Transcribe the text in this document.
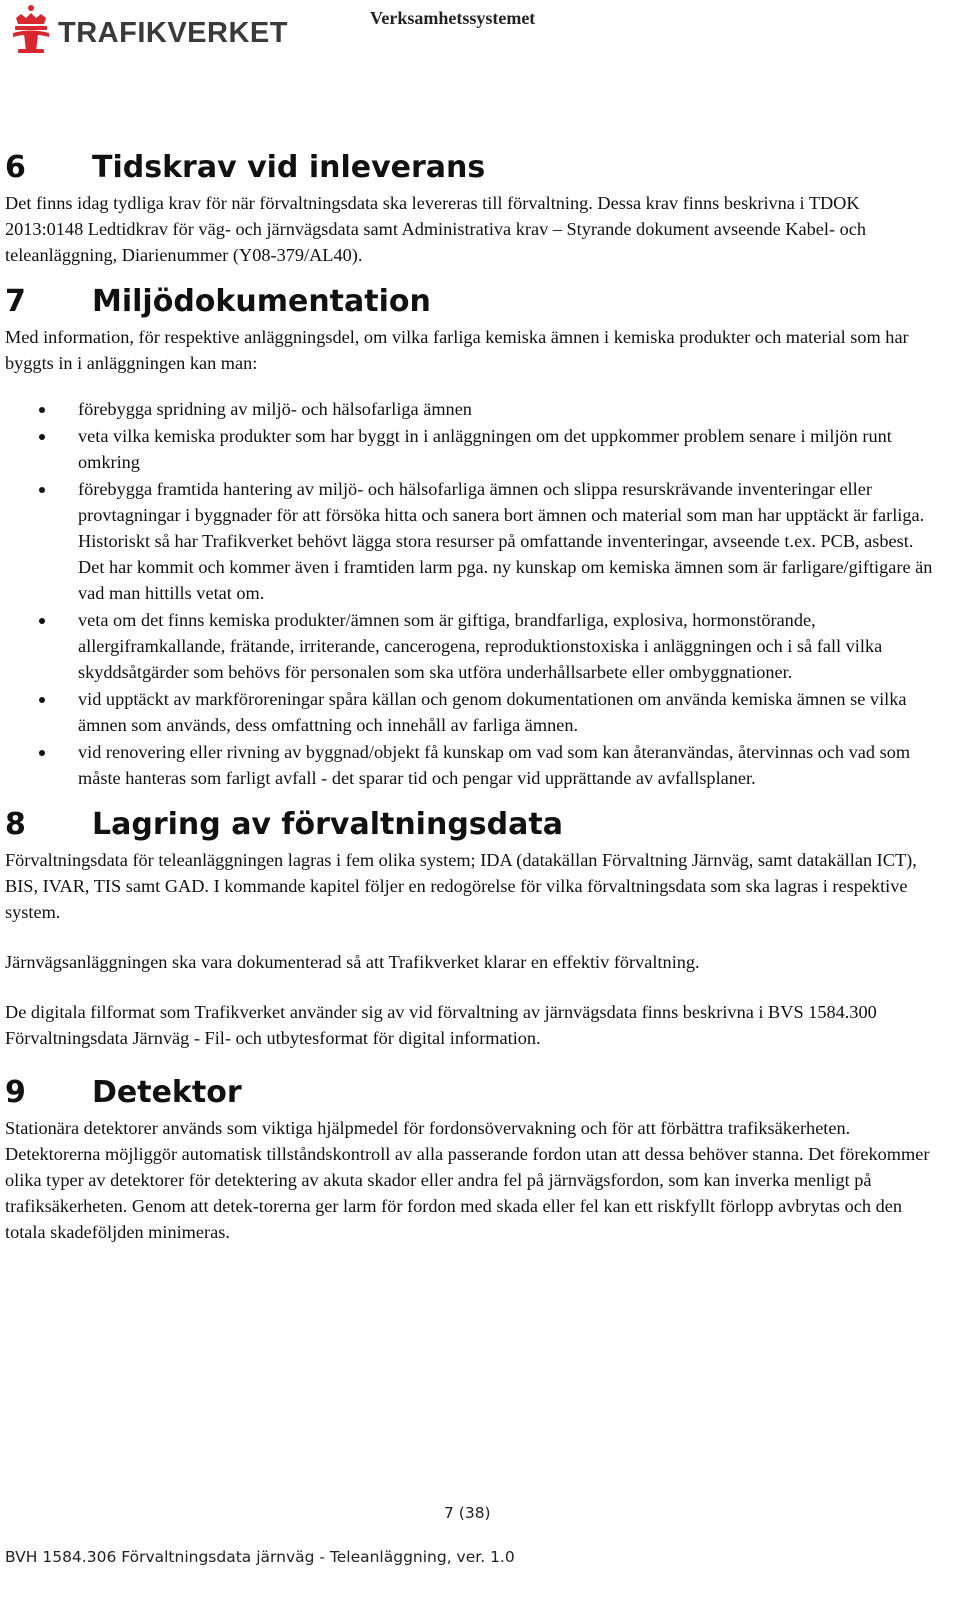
TRAFIKVERKET	Verksamhetssystemet
6	Tidskrav vid inleverans

Det finns idag tydliga krav för när förvaltningsdata ska levereras till förvaltning. Dessa krav finns beskrivna i TDOK 2013:0148 Ledtidkrav för väg- och järnvägsdata samt Administrativa krav – Styrande dokument avseende Kabel- och teleanläggning, Diarienummer (Y08-379/AL40).

7	Miljödokumentation

Med information, för respektive anläggningsdel, om vilka farliga kemiska ämnen i kemiska produkter och material som har byggts in i anläggningen kan man:

förebygga spridning av miljö- och hälsofarliga ämnen
veta vilka kemiska produkter som har byggt in i anläggningen om det uppkommer problem senare i miljön runt omkring
förebygga framtida hantering av miljö- och hälsofarliga ämnen och slippa resurskrävande inventeringar eller provtagningar i byggnader för att försöka hitta och sanera bort ämnen och material som man har upptäckt är farliga. Historiskt så har Trafikverket behövt lägga stora resurser på omfattande inventeringar, avseende t.ex. PCB, asbest. Det har kommit och kommer även i framtiden larm pga. ny kunskap om kemiska ämnen som är farligare/giftigare än vad man hittills vetat om.
veta om det finns kemiska produkter/ämnen som är giftiga, brandfarliga, explosiva, hormonstörande, allergiframkallande, frätande, irriterande, cancerogena, reproduktionstoxiska i anläggningen och i så fall vilka skyddsåtgärder som behövs för personalen som ska utföra underhållsarbete eller ombyggnationer.
vid upptäckt av markföroreningar spåra källan och genom dokumentationen om använda kemiska ämnen se vilka ämnen som används, dess omfattning och innehåll av farliga ämnen.
vid renovering eller rivning av byggnad/objekt få kunskap om vad som kan återanvändas, återvinnas och vad som måste hanteras som farligt avfall - det sparar tid och pengar vid upprättande av avfallsplaner.
8	Lagring av förvaltningsdata

Förvaltningsdata för teleanläggningen lagras i fem olika system; IDA (datakällan Förvaltning Järnväg, samt datakällan ICT), BIS, IVAR, TIS samt GAD. I kommande kapitel följer en redogörelse för vilka förvaltningsdata som ska lagras i respektive system.

Järnvägsanläggningen ska vara dokumenterad så att Trafikverket klarar en effektiv förvaltning.

De digitala filformat som Trafikverket använder sig av vid förvaltning av järnvägsdata finns beskrivna i BVS 1584.300 Förvaltningsdata Järnväg - Fil- och utbytesformat för digital information.

9	Detektor

Stationära detektorer används som viktiga hjälpmedel för fordonsövervakning och för att förbättra trafiksäkerheten. Detektorerna möjliggör automatisk tillståndskontroll av alla passerande fordon utan att dessa behöver stanna. Det förekommer olika typer av detektorer för detektering av akuta skador eller andra fel på järnvägsfordon, som kan inverka menligt på trafiksäkerheten. Genom att detek-torerna ger larm för fordon med skada eller fel kan ett riskfyllt förlopp avbrytas och den totala skadeföljden minimeras.

7 (38)
BVH 1584.306 Förvaltningsdata järnväg - Teleanläggning, ver. 1.0
